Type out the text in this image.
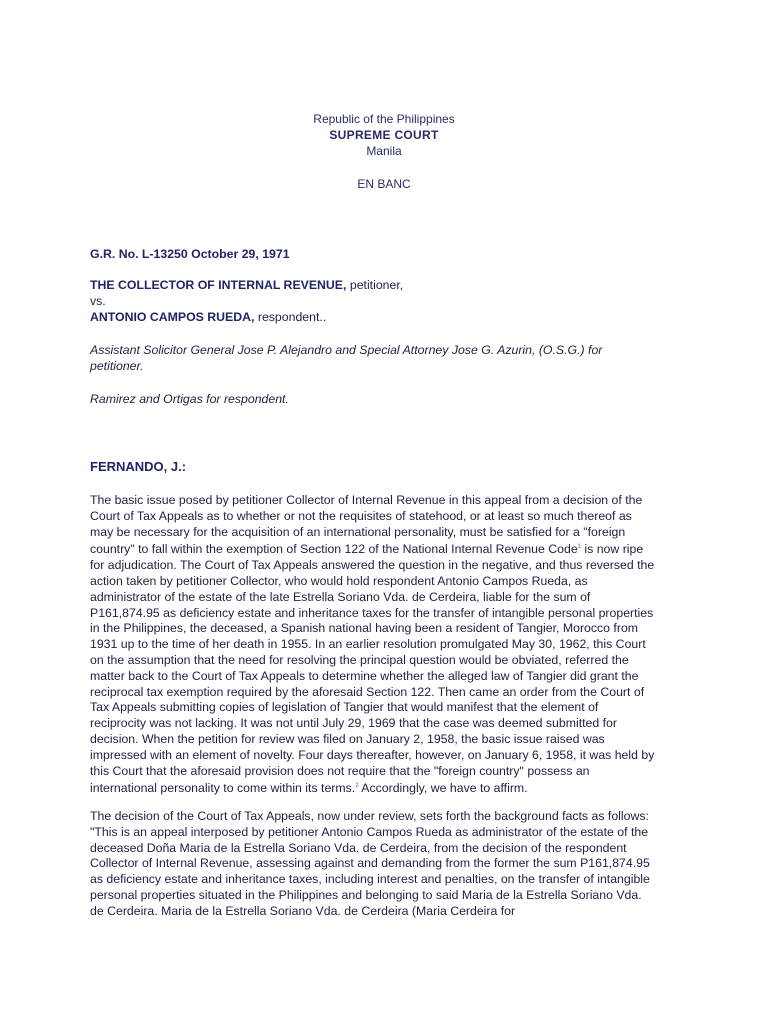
Republic of the Philippines
SUPREME COURT
Manila
EN BANC
G.R. No. L-13250 October 29, 1971
THE COLLECTOR OF INTERNAL REVENUE, petitioner,
vs.
ANTONIO CAMPOS RUEDA, respondent..
Assistant Solicitor General Jose P. Alejandro and Special Attorney Jose G. Azurin, (O.S.G.) for petitioner.
Ramirez and Ortigas for respondent.
FERNANDO, J.:

The basic issue posed by petitioner Collector of Internal Revenue in this appeal from a decision of the Court of Tax Appeals as to whether or not the requisites of statehood, or at least so much thereof as may be necessary for the acquisition of an international personality, must be satisfied for a "foreign country" to fall within the exemption of Section 122 of the National Internal Revenue Code$^1$ is now ripe for adjudication. The Court of Tax Appeals answered the question in the negative, and thus reversed the action taken by petitioner Collector, who would hold respondent Antonio Campos Rueda, as administrator of the estate of the late Estrella Soriano Vda. de Cerdeira, liable for the sum of P161,874.95 as deficiency estate and inheritance taxes for the transfer of intangible personal properties in the Philippines, the deceased, a Spanish national having been a resident of Tangier, Morocco from 1931 up to the time of her death in 1955. In an earlier resolution promulgated May 30, 1962, this Court on the assumption that the need for resolving the principal question would be obviated, referred the matter back to the Court of Tax Appeals to determine whether the alleged law of Tangier did grant the reciprocal tax exemption required by the aforesaid Section 122. Then came an order from the Court of Tax Appeals submitting copies of legislation of Tangier that would manifest that the element of reciprocity was not lacking. It was not until July 29, 1969 that the case was deemed submitted for decision. When the petition for review was filed on January 2, 1958, the basic issue raised was impressed with an element of novelty. Four days thereafter, however, on January 6, 1958, it was held by this Court that the aforesaid provision does not require that the "foreign country" possess an international personality to come within its terms.$^2$ Accordingly, we have to affirm.

The decision of the Court of Tax Appeals, now under review, sets forth the background facts as follows: "This is an appeal interposed by petitioner Antonio Campos Rueda as administrator of the estate of the deceased Doña Maria de la Estrella Soriano Vda. de Cerdeira, from the decision of the respondent Collector of Internal Revenue, assessing against and demanding from the former the sum P161,874.95 as deficiency estate and inheritance taxes, including interest and penalties, on the transfer of intangible personal properties situated in the Philippines and belonging to said Maria de la Estrella Soriano Vda. de Cerdeira. Maria de la Estrella Soriano Vda. de Cerdeira (Maria Cerdeira for
